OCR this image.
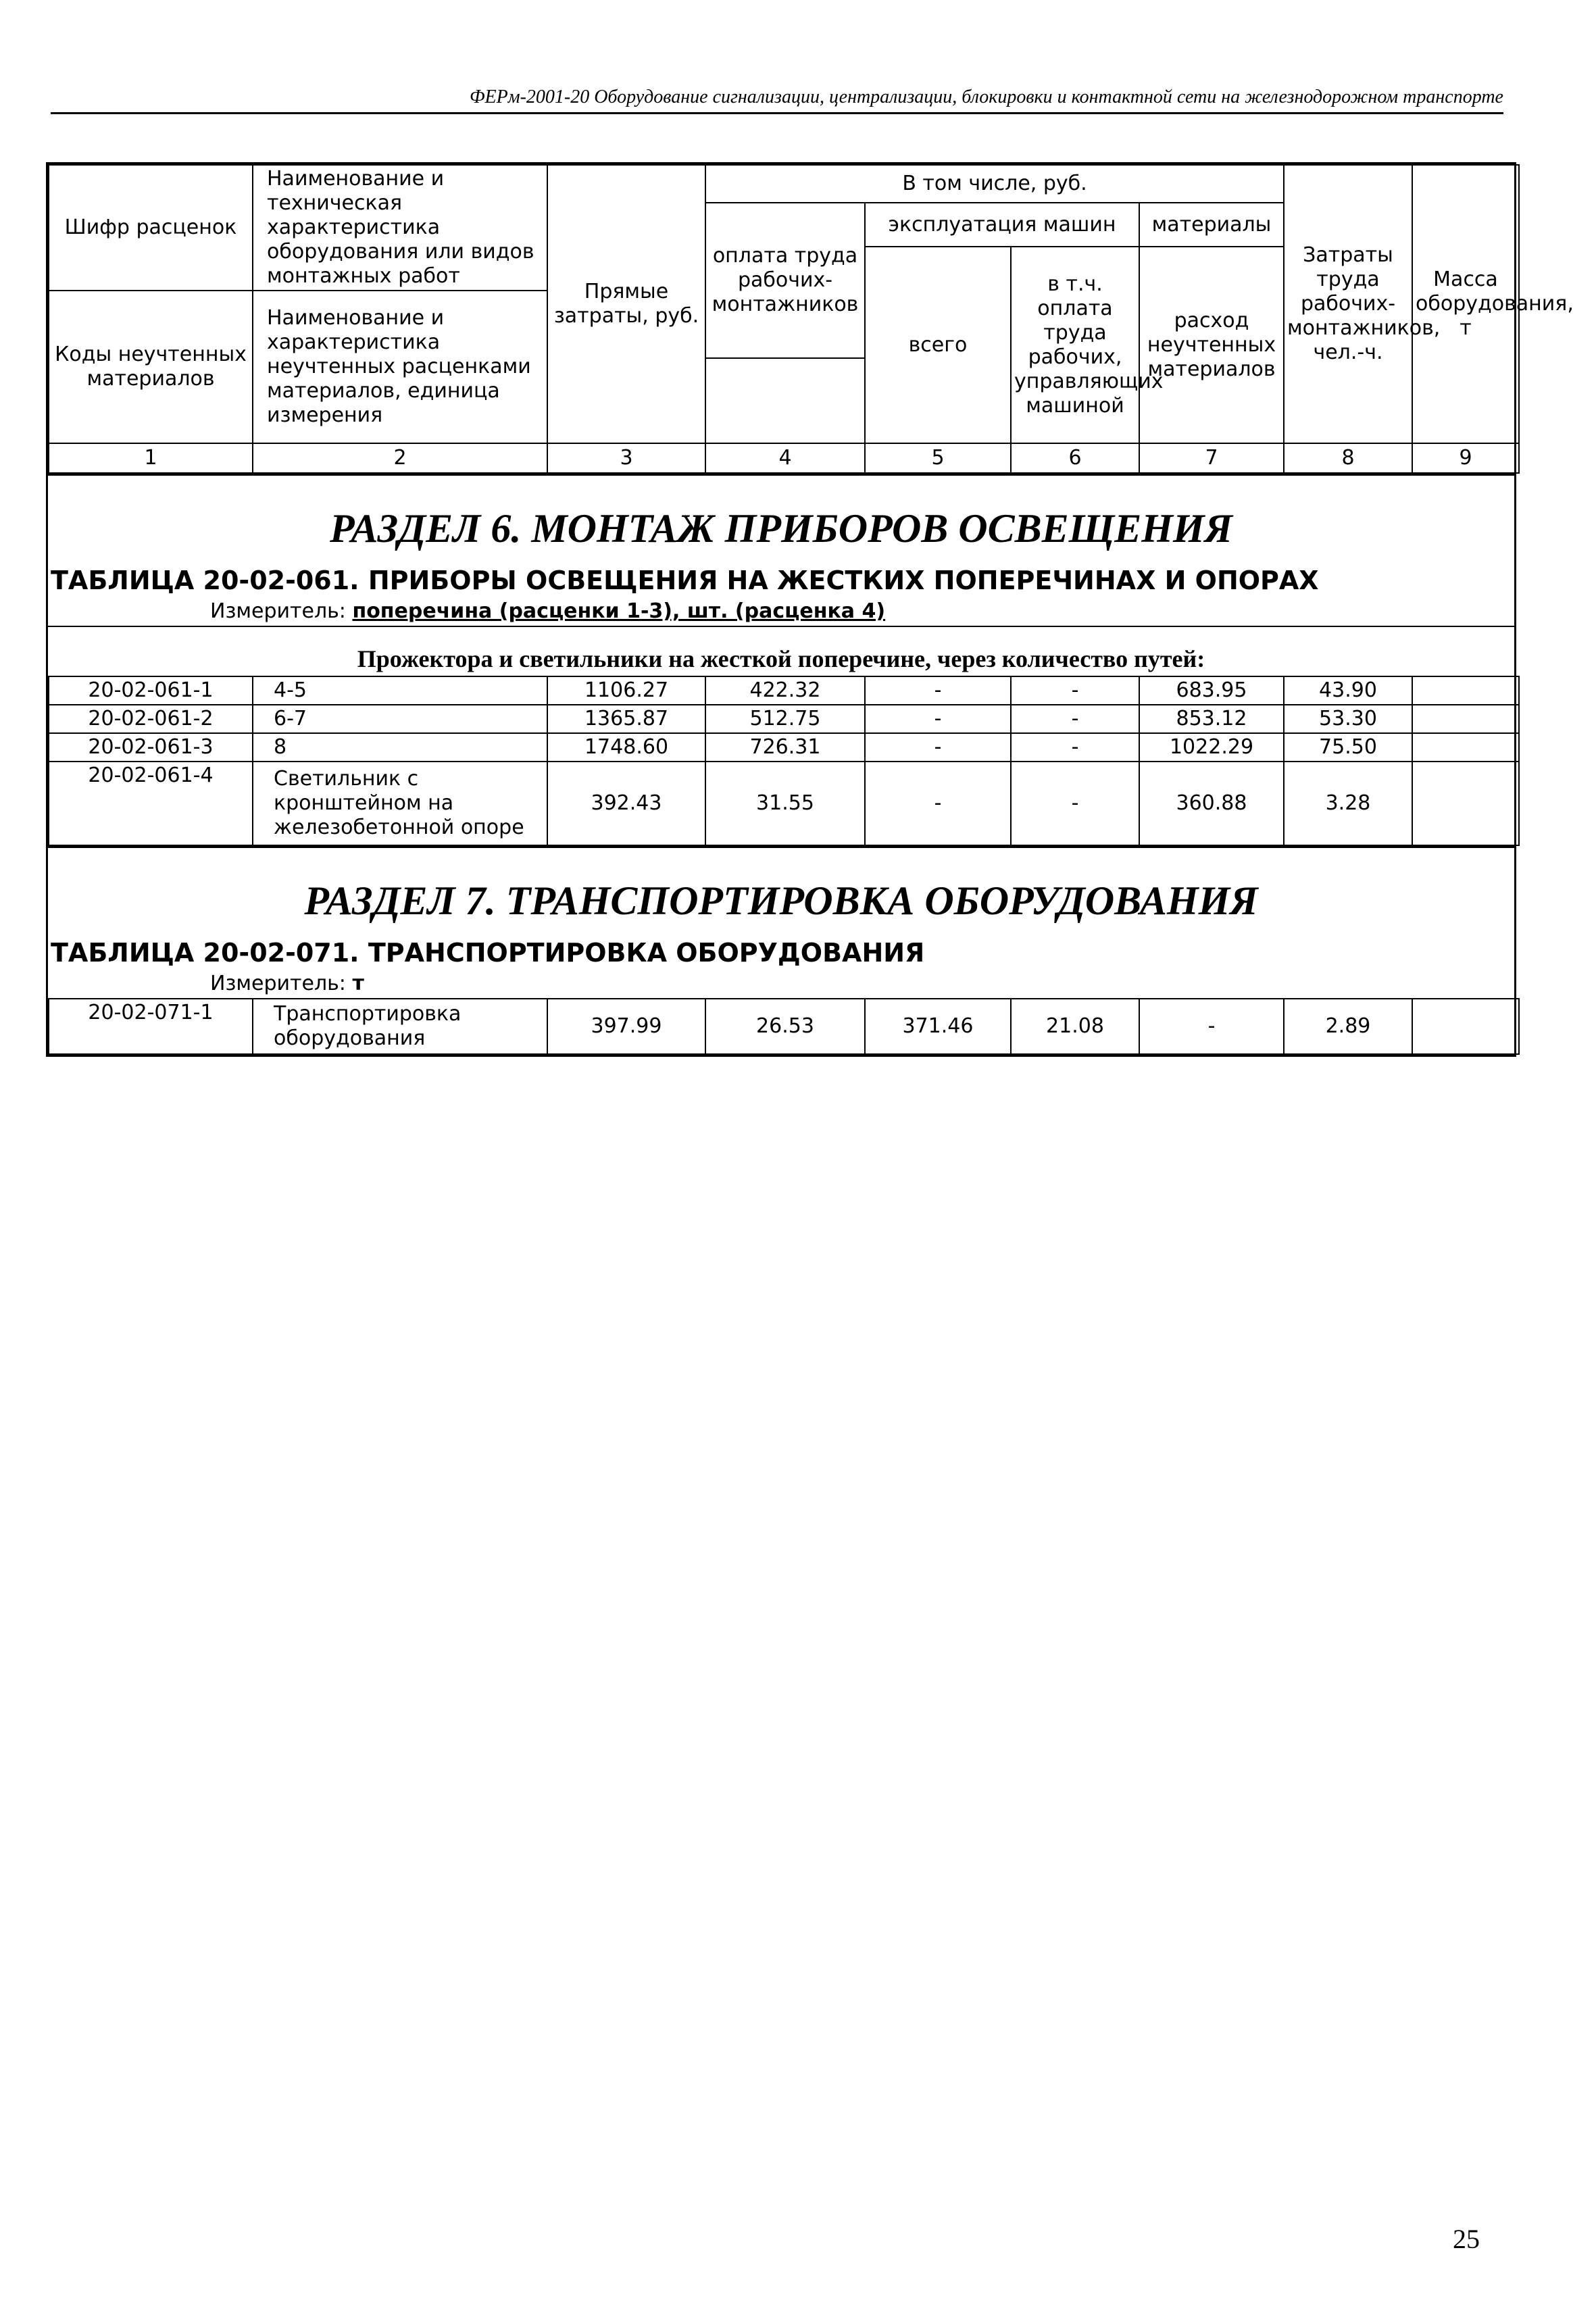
ФЕРм-2001-20 Оборудование сигнализации, централизации, блокировки и контактной сети на железнодорожном транспорте
Шифр расценок	Наименование и техническая характеристика оборудования или видов монтажных работ	Прямые затраты, руб.	В том числе, руб.				Затраты труда рабочих-монтажников, чел.-ч.	Масса оборудования, т
			оплата труда рабочих-монтажников	эксплуатация машин		материалы		
				всего	в т.ч. оплата труда рабочих, управляющих машиной	расход неучтенных материалов		
Коды неучтенных материалов	Наименование и характеристика неучтенных расценками материалов, единица измерения							

1	2	3	4	5	6	7	8	9
РАЗДЕЛ 6. МОНТАЖ ПРИБОРОВ ОСВЕЩЕНИЯ
ТАБЛИЦА 20-02-061. ПРИБОРЫ ОСВЕЩЕНИЯ НА ЖЕСТКИХ ПОПЕРЕЧИНАХ И ОПОРАХ
Измеритель: поперечина (расценки 1-3), шт. (расценка 4)
Прожектора и светильники на жесткой поперечине, через количество путей:
20-02-061-1	4-5	1106.27	422.32	-	-	683.95	43.90	
20-02-061-2	6-7	1365.87	512.75	-	-	853.12	53.30	
20-02-061-3	8	1748.60	726.31	-	-	1022.29	75.50	
20-02-061-4	Светильник с кронштейном на железобетонной опоре	392.43	31.55	-	-	360.88	3.28	
РАЗДЕЛ 7. ТРАНСПОРТИРОВКА ОБОРУДОВАНИЯ
ТАБЛИЦА 20-02-071. ТРАНСПОРТИРОВКА ОБОРУДОВАНИЯ
Измеритель: т
20-02-071-1	Транспортировка оборудования	397.99	26.53	371.46	21.08	-	2.89	
25
